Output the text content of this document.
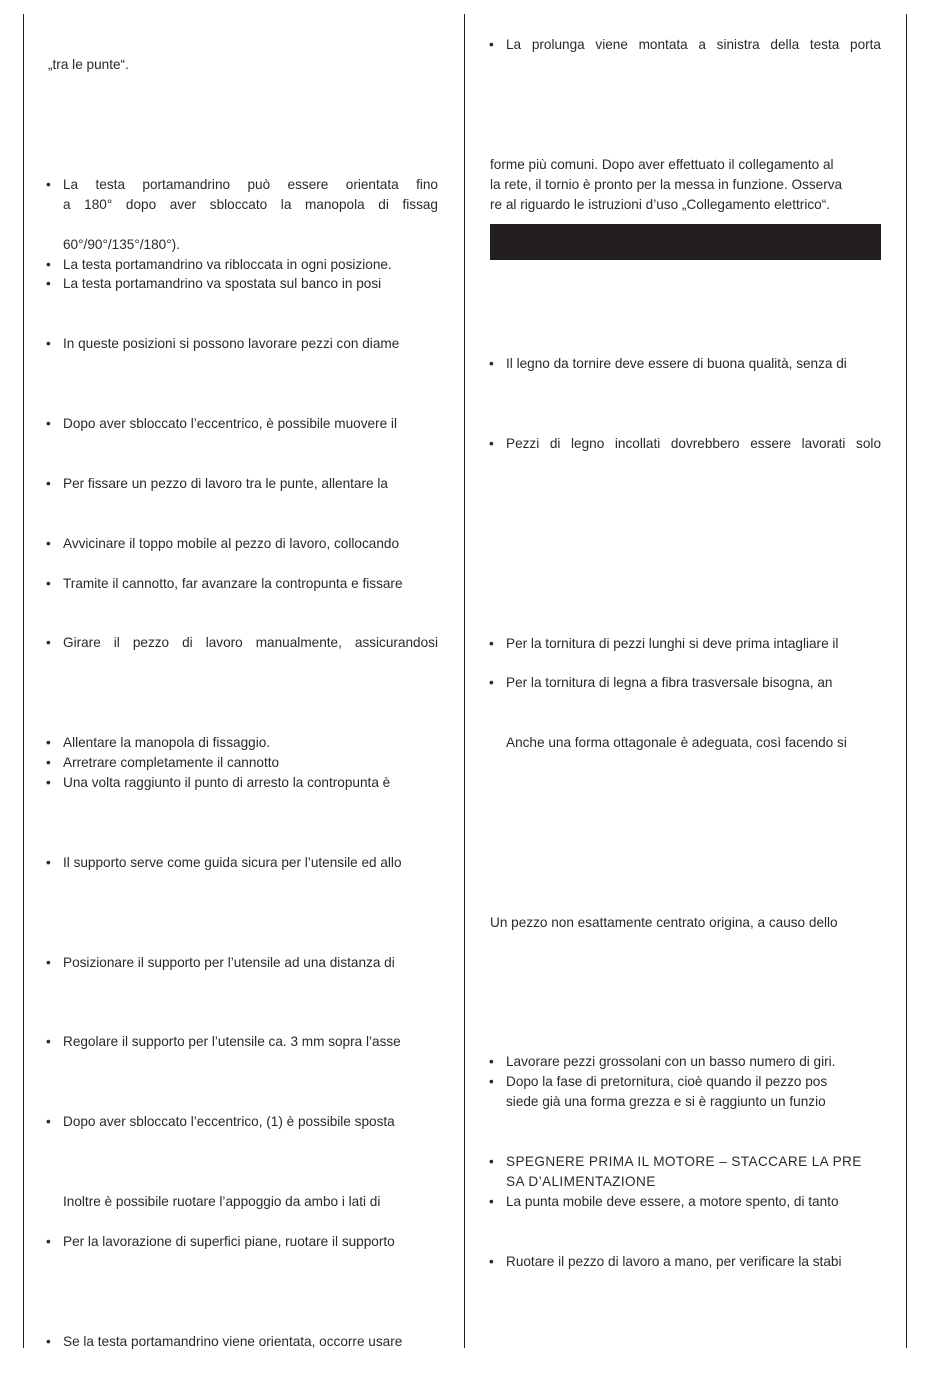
„tra le punte“.
• La testa portamandrino può essere orientata fino
a 180° dopo aver sbloccato la manopola di fissag
60°/90°/135°/180°).
• La testa portamandrino va ribloccata in ogni posizione.
• La testa portamandrino va spostata sul banco in posi
• In queste posizioni si possono lavorare pezzi con diame
• Dopo aver sbloccato l’eccentrico, è possibile muovere il
• Per fissare un pezzo di lavoro tra le punte, allentare la
• Avvicinare il toppo mobile al pezzo di lavoro, collocando
• Tramite il cannotto, far avanzare la contropunta e fissare
• Girare il pezzo di lavoro manualmente, assicurandosi
• Allentare la manopola di fissaggio.
• Arretrare completamente il cannotto
• Una volta raggiunto il punto di arresto la contropunta è
• Il supporto serve come guida sicura per l’utensile ed allo
• Posizionare il supporto per l’utensile ad una distanza di
• Regolare il supporto per l’utensile ca. 3 mm sopra l’asse
• Dopo aver sbloccato l’eccentrico, (1) è possibile sposta
Inoltre è possibile ruotare l’appoggio da ambo i lati di
• Per la lavorazione di superfici piane, ruotare il supporto
• Se la testa portamandrino viene orientata, occorre usare
• La prolunga viene montata a sinistra della testa porta
forme più comuni. Dopo aver effettuato il collegamento al
la rete, il tornio è pronto per la messa in funzione. Osserva
re al riguardo le istruzioni d’uso „Collegamento elettrico“.
• Il legno da tornire deve essere di buona qualità, senza di
• Pezzi di legno incollati dovrebbero essere lavorati solo
• Per la tornitura di pezzi lunghi si deve prima intagliare il
• Per la tornitura di legna a fibra trasversale bisogna, an
Anche una forma ottagonale è adeguata, così facendo si
Un pezzo non esattamente centrato origina, a causo dello
• Lavorare pezzi grossolani con un basso numero di giri.
• Dopo la fase di pretornitura, cioè quando il pezzo pos
siede già una forma grezza e si è raggiunto un funzio
• SPEGNERE PRIMA IL MOTORE – STACCARE LA PRE
SA D’ALIMENTAZIONE
• La punta mobile deve essere, a motore spento, di tanto
• Ruotare il pezzo di lavoro a mano, per verificare la stabi
